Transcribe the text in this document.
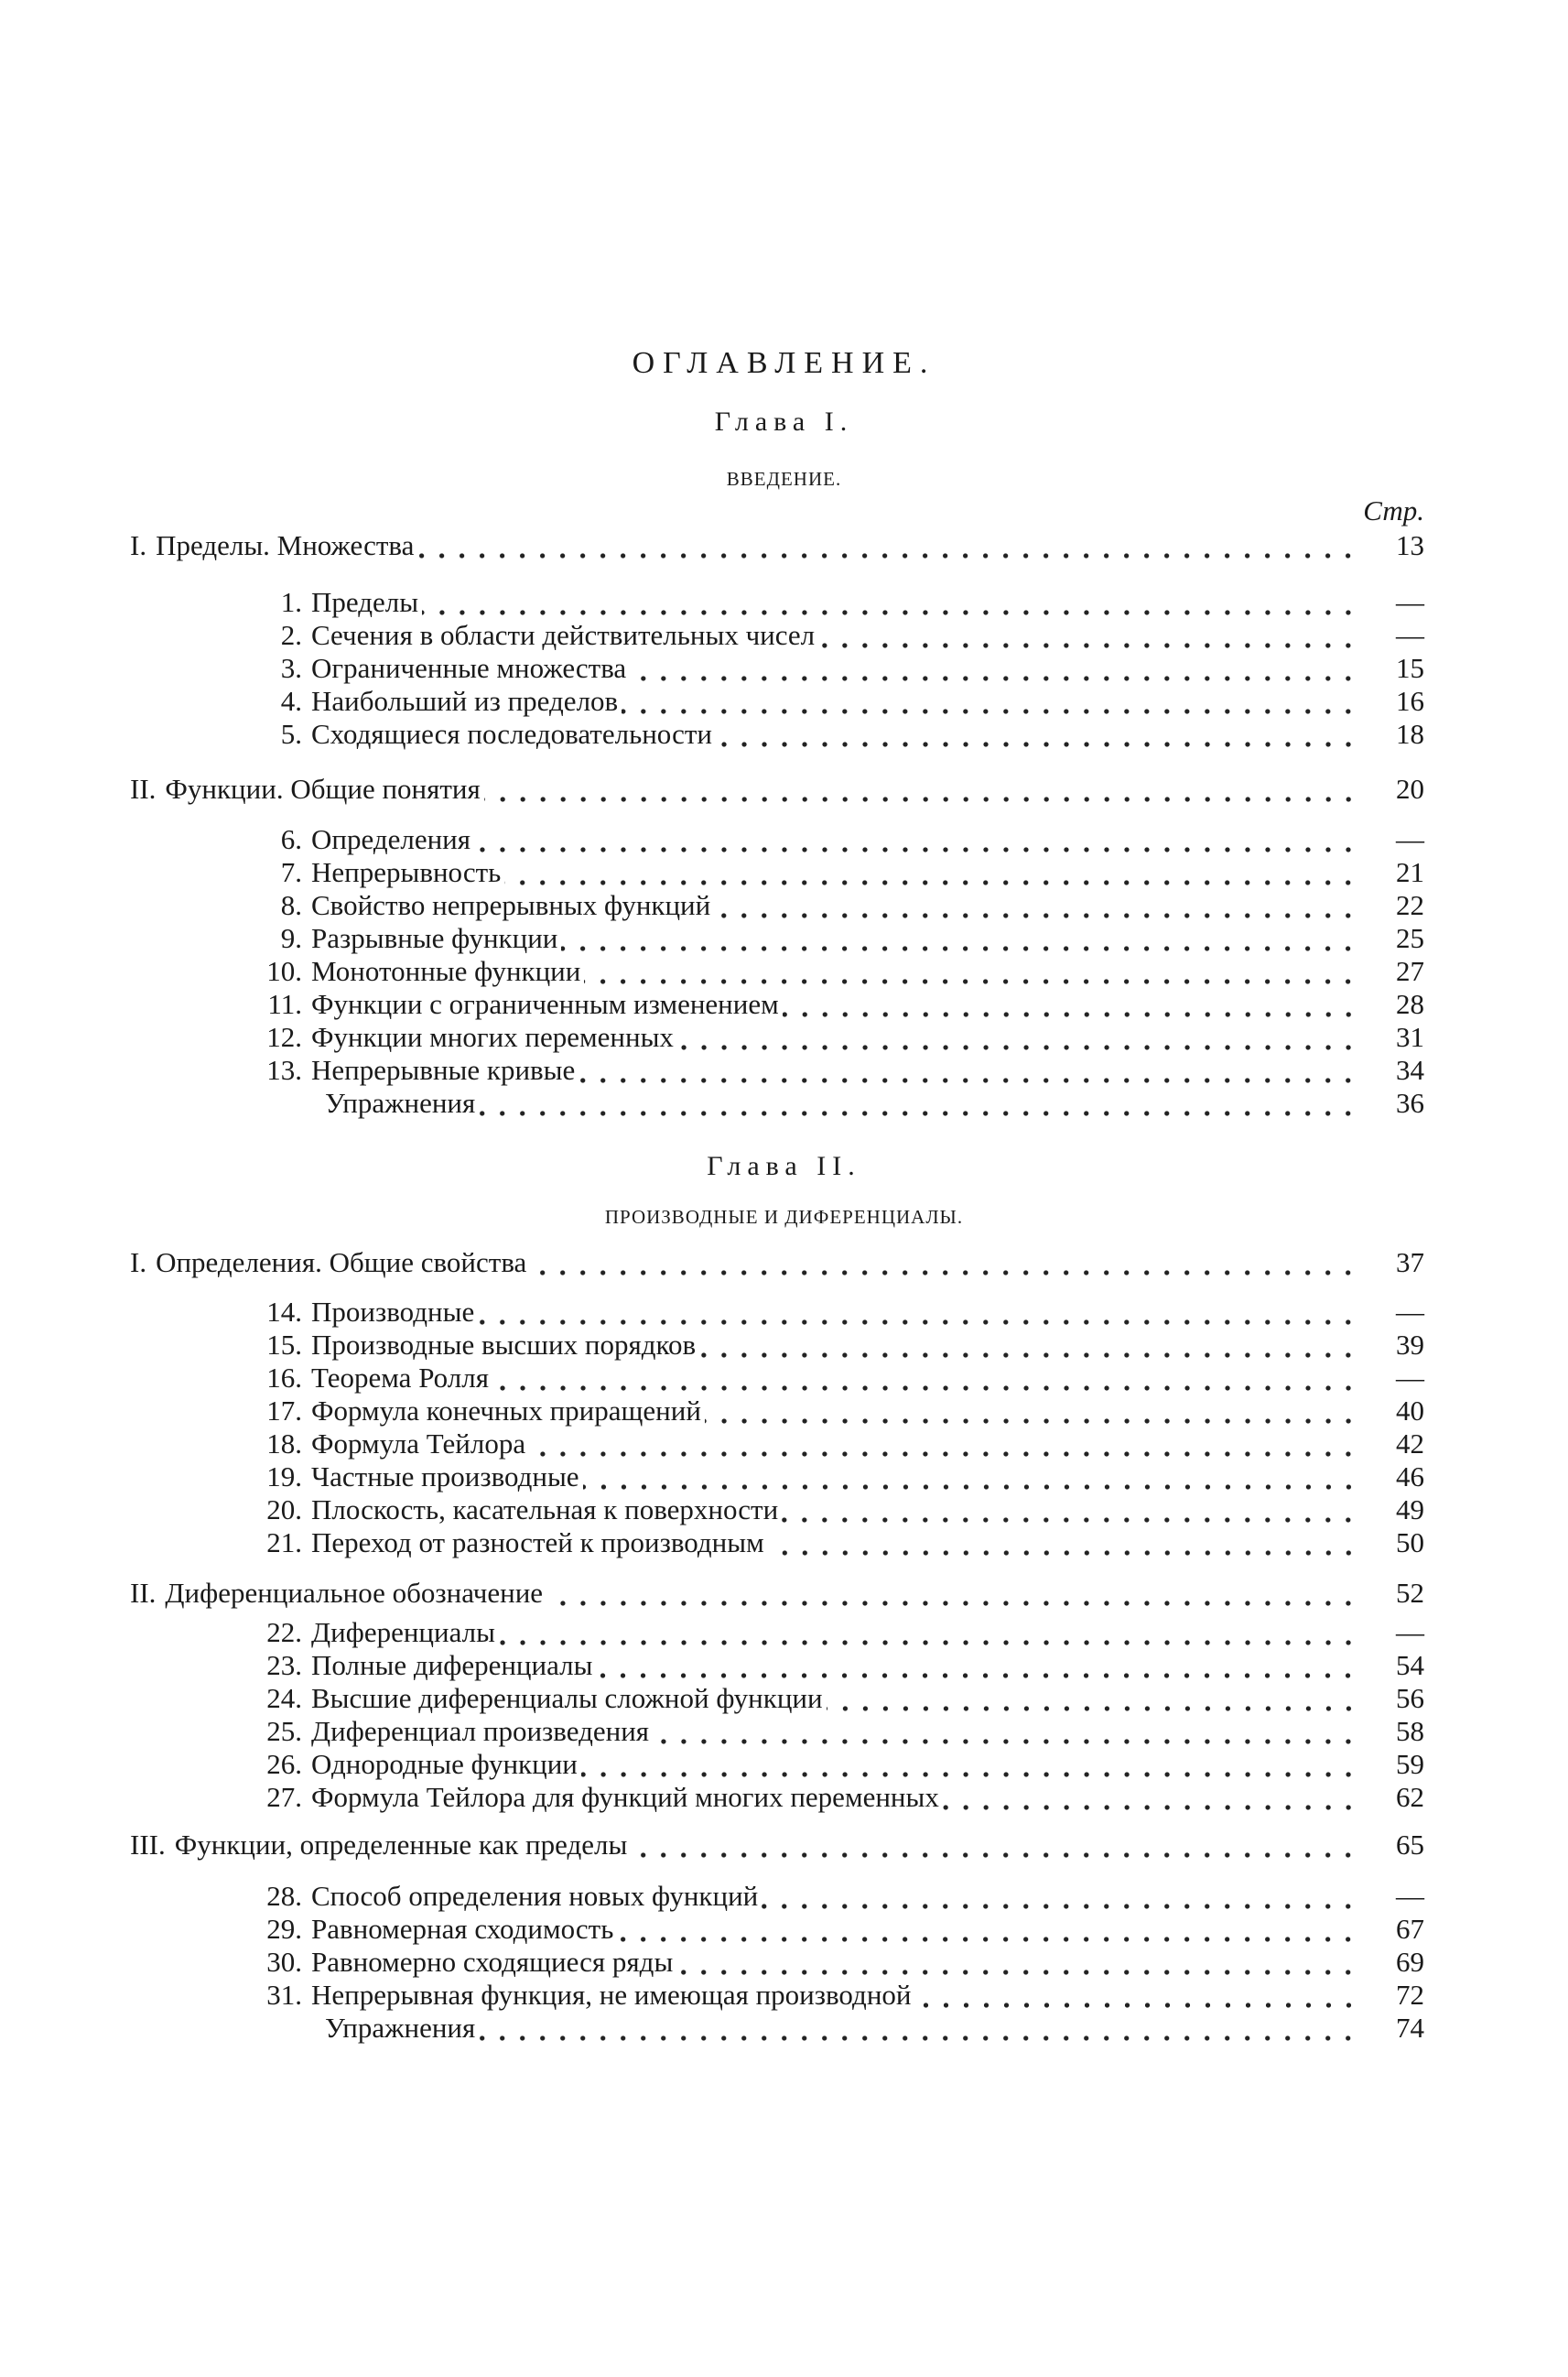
ОГЛАВЛЕНИЕ.
Стр.
Глава I.
ВВЕДЕНИЕ.
I. Пределы. Множества	13
1. Пределы	—
2. Сечения в области действительных чисел	—
3. Ограниченные множества	15
4. Наибольший из пределов	16
5. Сходящиеся последовательности	18
II. Функции. Общие понятия	20
6. Определения	—
7. Непрерывность	21
8. Свойство непрерывных функций	22
9. Разрывные функции	25
10. Монотонные функции	27
11. Функции с ограниченным изменением	28
12. Функции многих переменных	31
13. Непрерывные кривые	34
Упражнения	36
Глава II.
ПРОИЗВОДНЫЕ И ДИФЕРЕНЦИАЛЫ.
I. Определения. Общие свойства	37
14. Производные	—
15. Производные высших порядков	39
16. Теорема Ролля	—
17. Формула конечных приращений	40
18. Формула Тейлора	42
19. Частные производные	46
20. Плоскость, касательная к поверхности	49
21. Переход от разностей к производным	50
II. Диференциальное обозначение	52
22. Диференциалы	—
23. Полные диференциалы	54
24. Высшие диференциалы сложной функции	56
25. Диференциал произведения	58
26. Однородные функции	59
27. Формула Тейлора для функций многих переменных	62
III. Функции, определенные как пределы	65
28. Способ определения новых функций	—
29. Равномерная сходимость	67
30. Равномерно сходящиеся ряды	69
31. Непрерывная функция, не имеющая производной	72
Упражнения	74
